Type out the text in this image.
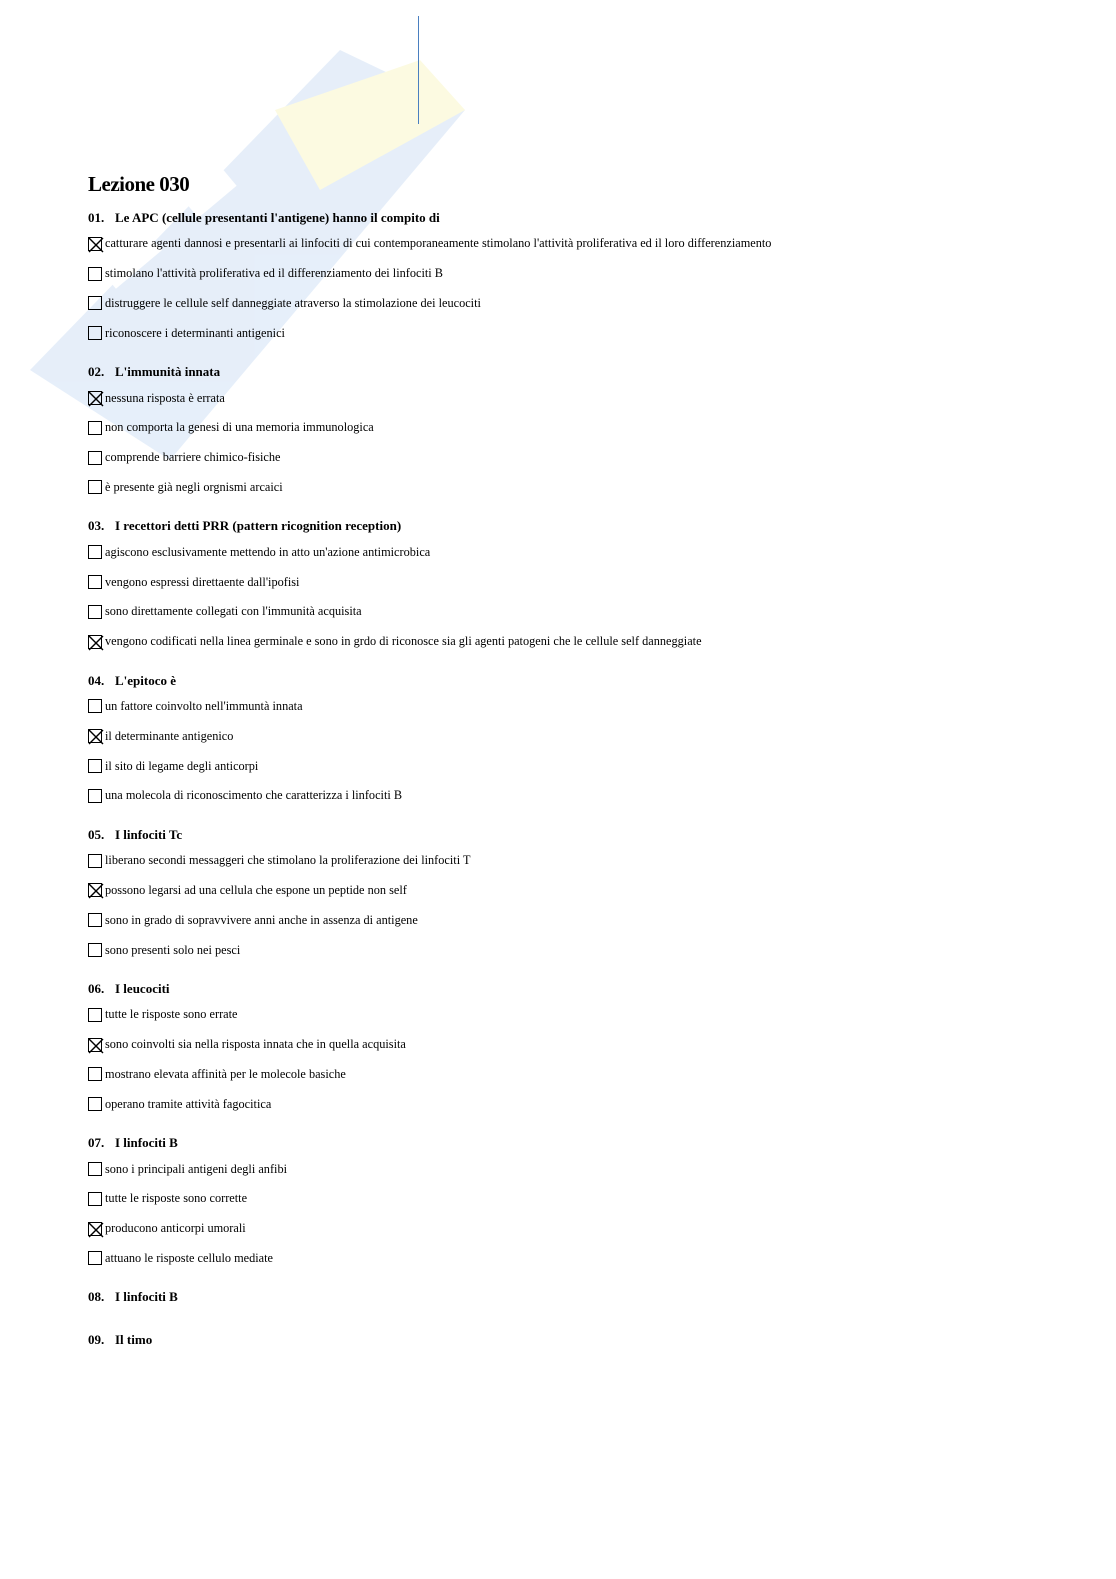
Lezione 030
01. Le APC (cellule presentanti l'antigene) hanno il compito di
catturare agenti dannosi e presentarli ai linfociti di cui contemporaneamente stimolano l'attività proliferativa ed il loro differenziamento
stimolano l'attività proliferativa ed il differenziamento dei linfociti B
distruggere le cellule self danneggiate atraverso la stimolazione dei leucociti
riconoscere i determinanti antigenici
02. L'immunità innata
nessuna risposta è errata
non comporta la genesi di una memoria immunologica
comprende barriere chimico-fisiche
è presente già negli orgnismi arcaici
03. I recettori detti PRR (pattern ricognition reception)
agiscono esclusivamente mettendo in atto un'azione antimicrobica
vengono espressi direttaente dall'ipofisi
sono direttamente collegati con l'immunità acquisita
vengono codificati nella linea germinale e sono in grdo di riconosce sia gli agenti patogeni che le cellule self danneggiate
04. L'epitoco è
un fattore coinvolto nell'immuntà innata
il determinante antigenico
il sito di legame degli anticorpi
una molecola di riconoscimento che caratterizza i linfociti B
05. I linfociti Tc
liberano secondi messaggeri che stimolano la proliferazione dei linfociti T
possono legarsi ad una cellula che espone un peptide non self
sono in grado di sopravvivere anni anche in assenza di antigene
sono presenti solo nei pesci
06. I leucociti
tutte le risposte sono errate
sono coinvolti sia nella risposta innata che in quella acquisita
mostrano elevata affinità per le molecole basiche
operano tramite attività fagocitica
07. I linfociti B
sono i principali antigeni degli anfibi
tutte le risposte sono corrette
producono anticorpi umorali
attuano le risposte cellulo mediate
08. I linfociti B
09. Il timo
